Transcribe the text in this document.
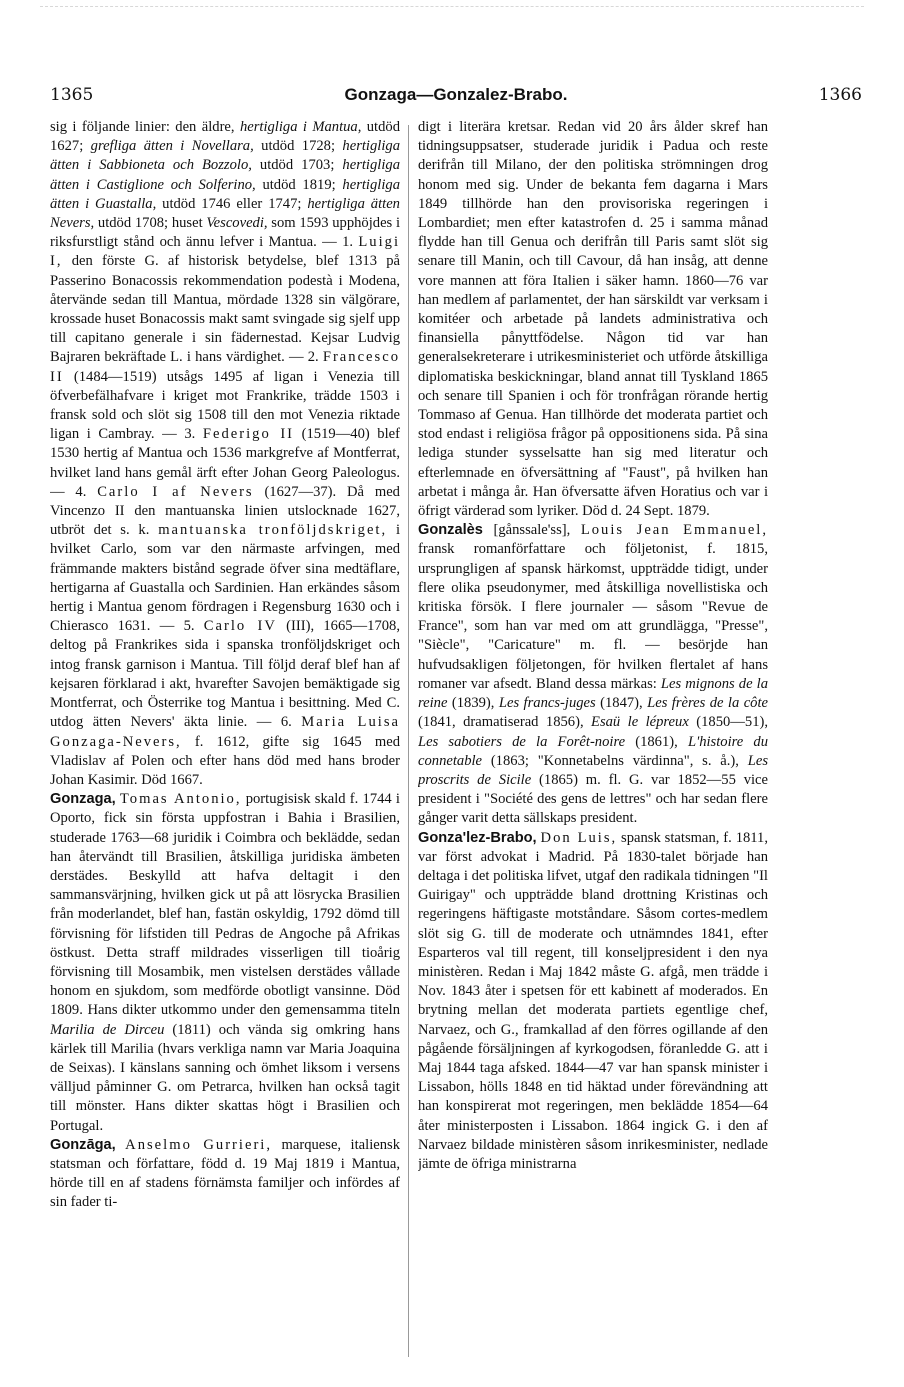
1365	Gonzaga—Gonzalez-Brabo.	1366

sig i följande linier: den äldre, hertigliga i Mantua, utdöd 1627; grefliga ätten i Novellara, utdöd 1728; hertigliga ätten i Sabbioneta och Bozzolo, utdöd 1703; hertigliga ätten i Castiglione och Solferino, utdöd 1819; hertigliga ätten i Guastalla, utdöd 1746 eller 1747; hertigliga ätten Nevers, utdöd 1708; huset Vescovedi, som 1593 upphöjdes i riksfurstligt stånd och ännu lefver i Mantua. — 1. Luigi I, den förste G. af historisk betydelse, blef 1313 på Passerino Bonacossis rekommendation podestà i Modena, återvände sedan till Mantua, mördade 1328 sin välgörare, krossade huset Bonacossis makt samt svingade sig sjelf upp till capitano generale i sin fädernestad. Kejsar Ludvig Bajraren bekräftade L. i hans värdighet. — 2. Francesco II (1484—1519) utsågs 1495 af ligan i Venezia till öfverbefälhafvare i kriget mot Frankrike, trädde 1503 i fransk sold och slöt sig 1508 till den mot Venezia riktade ligan i Cambray. — 3. Federigo II (1519—40) blef 1530 hertig af Mantua och 1536 markgrefve af Montferrat, hvilket land hans gemål ärft efter Johan Georg Paleologus. — 4. Carlo I af Nevers (1627—37). Då med Vincenzo II den mantuanska linien utslocknade 1627, utbröt det s. k. mantuanska tronföljdskriget, i hvilket Carlo, som var den närmaste arfvingen, med främmande makters bistånd segrade öfver sina medtäflare, hertigarna af Guastalla och Sardinien. Han erkändes såsom hertig i Mantua genom fördragen i Regensburg 1630 och i Chierasco 1631. — 5. Carlo IV (III), 1665—1708, deltog på Frankrikes sida i spanska tronföljdskriget och intog fransk garnison i Mantua. Till följd deraf blef han af kejsaren förklarad i akt, hvarefter Savojen bemäktigade sig Montferrat, och Österrike tog Mantua i besittning. Med C. utdog ätten Nevers' äkta linie. — 6. Maria Luisa Gonzaga-Nevers, f. 1612, gifte sig 1645 med Vladislav af Polen och efter hans död med hans broder Johan Kasimir. Död 1667.

Gonzaga, Tomas Antonio, portugisisk skald f. 1744 i Oporto, fick sin första uppfostran i Bahia i Brasilien, studerade 1763—68 juridik i Coimbra och beklädde, sedan han återvändt till Brasilien, åtskilliga juridiska ämbeten derstädes. Beskylld att hafva deltagit i den sammansvärjning, hvilken gick ut på att lösrycka Brasilien från moderlandet, blef han, fastän oskyldig, 1792 dömd till förvisning för lifstiden till Pedras de Angoche på Afrikas östkust. Detta straff mildrades visserligen till tioårig förvisning till Mosambik, men vistelsen derstädes vållade honom en sjukdom, som medförde obotligt vansinne. Död 1809. Hans dikter utkommo under den gemensamma titeln Marilia de Dirceu (1811) och vända sig omkring hans kärlek till Marilia (hvars verkliga namn var Maria Joaquina de Seixas). I känslans sanning och ömhet liksom i versens välljud påminner G. om Petrarca, hvilken han också tagit till mönster. Hans dikter skattas högt i Brasilien och Portugal.

Gonzāga, Anselmo Gurrieri, marquese, italiensk statsman och författare, född d. 19 Maj 1819 i Mantua, hörde till en af stadens förnämsta familjer och infördes af sin fader ti-

digt i literära kretsar. Redan vid 20 års ålder skref han tidningsuppsatser, studerade juridik i Padua och reste derifrån till Milano, der den politiska strömningen drog honom med sig. Under de bekanta fem dagarna i Mars 1849 tillhörde han den provisoriska regeringen i Lombardiet; men efter katastrofen d. 25 i samma månad flydde han till Genua och derifrån till Paris samt slöt sig senare till Manin, och till Cavour, då han insåg, att denne vore mannen att föra Italien i säker hamn. 1860—76 var han medlem af parlamentet, der han särskildt var verksam i komitéer och arbetade på landets administrativa och finansiella pånyttfödelse. Någon tid var han generalsekreterare i utrikesministeriet och utförde åtskilliga diplomatiska beskickningar, bland annat till Tyskland 1865 och senare till Spanien i och för tronfrågan rörande hertig Tommaso af Genua. Han tillhörde det moderata partiet och stod endast i religiösa frågor på oppositionens sida. På sina lediga stunder sysselsatte han sig med literatur och efterlemnade en öfversättning af "Faust", på hvilken han arbetat i många år. Han öfversatte äfven Horatius och var i öfrigt värderad som lyriker. Död d. 24 Sept. 1879.

Gonzalès [gånssale'ss], Louis Jean Emmanuel, fransk romanförfattare och följetonist, f. 1815, ursprungligen af spansk härkomst, uppträdde tidigt, under flere olika pseudonymer, med åtskilliga novellistiska och kritiska försök. I flere journaler — såsom "Revue de France", som han var med om att grundlägga, "Presse", "Siècle", "Caricature" m. fl. — besörjde han hufvudsakligen följetongen, för hvilken flertalet af hans romaner var afsedt. Bland dessa märkas: Les mignons de la reine (1839), Les francs-juges (1847), Les frères de la côte (1841, dramatiserad 1856), Esaü le lépreux (1850—51), Les sabotiers de la Forêt-noire (1861), L'histoire du connetable (1863; "Konnetabelns värdinna", s. å.), Les proscrits de Sicile (1865) m. fl. G. var 1852—55 vice president i "Société des gens de lettres" och har sedan flere gånger varit detta sällskaps president.

Gonza'lez-Brabo, Don Luis, spansk statsman, f. 1811, var först advokat i Madrid. På 1830-talet började han deltaga i det politiska lifvet, utgaf den radikala tidningen "Il Guirigay" och uppträdde bland drottning Kristinas och regeringens häftigaste motståndare. Såsom cortes-medlem slöt sig G. till de moderate och utnämndes 1841, efter Esparteros val till regent, till konseljpresident i den nya ministèren. Redan i Maj 1842 måste G. afgå, men trädde i Nov. 1843 åter i spetsen för ett kabinett af moderados. En brytning mellan det moderata partiets egentlige chef, Narvaez, och G., framkallad af den förres ogillande af den pågående försäljningen af kyrkogodsen, föranledde G. att i Maj 1844 taga afsked. 1844—47 var han spansk minister i Lissabon, hölls 1848 en tid häktad under förevändning att han konspirerat mot regeringen, men beklädde 1854—64 åter ministerposten i Lissabon. 1864 ingick G. i den af Narvaez bildade ministèren såsom inrikesminister, nedlade jämte de öfriga ministrarna
